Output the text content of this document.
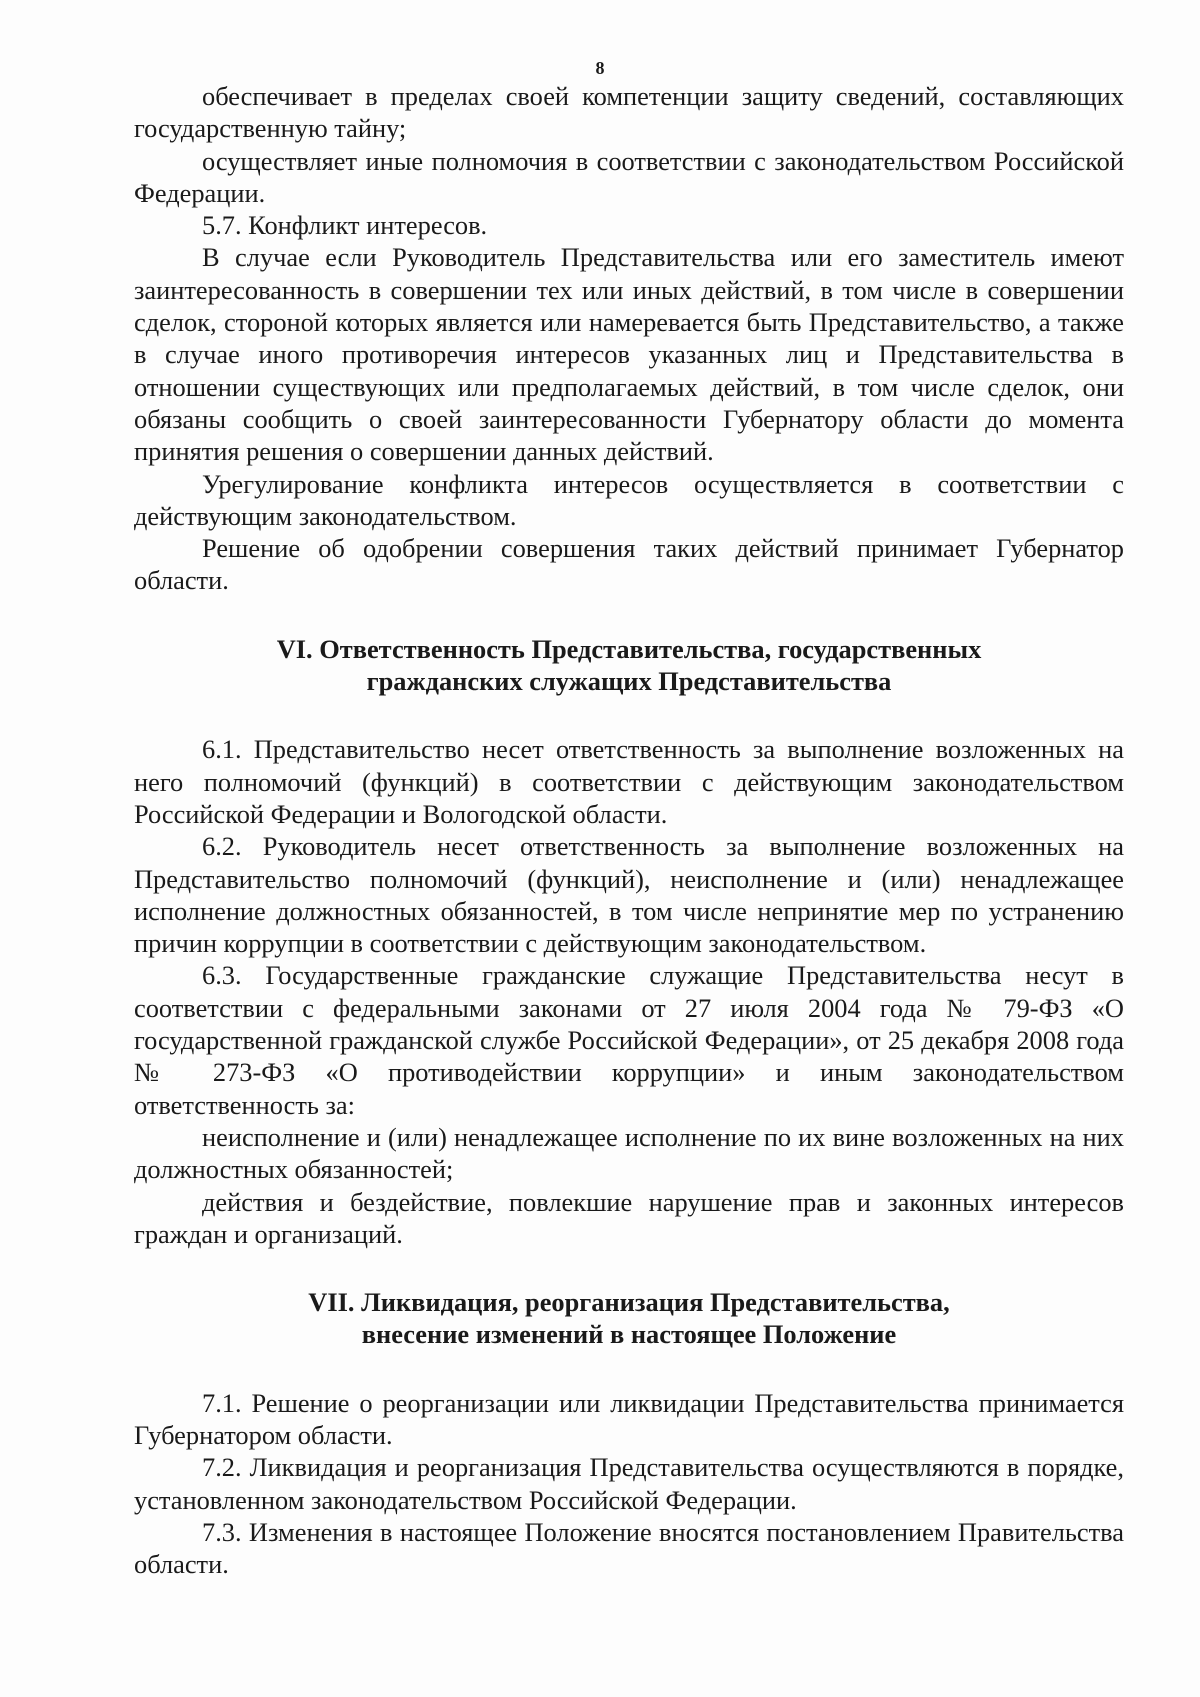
8

обеспечивает в пределах своей компетенции защиту сведений, составляющих государственную тайну;

осуществляет иные полномочия в соответствии с законодательством Российской Федерации.

5.7. Конфликт интересов.

В случае если Руководитель Представительства или его заместитель имеют заинтересованность в совершении тех или иных действий, в том числе в совершении сделок, стороной которых является или намеревается быть Представительство, а также в случае иного противоречия интересов указанных лиц и Представительства в отношении существующих или предполагаемых действий, в том числе сделок, они обязаны сообщить о своей заинтересованности Губернатору области до момента принятия решения о совершении данных действий.

Урегулирование конфликта интересов осуществляется в соответствии с действующим законодательством.

Решение об одобрении совершения таких действий принимает Губернатор области.

VI. Ответственность Представительства, государственных
гражданских служащих Представительства

6.1. Представительство несет ответственность за выполнение возложенных на него полномочий (функций) в соответствии с действующим законодательством Российской Федерации и Вологодской области.

6.2. Руководитель несет ответственность за выполнение возложенных на Представительство полномочий (функций), неисполнение и (или) ненадлежащее исполнение должностных обязанностей, в том числе непринятие мер по устранению причин коррупции в соответствии с действующим законодательством.

6.3. Государственные гражданские служащие Представительства несут в соответствии с федеральными законами от 27 июля 2004 года № 79-ФЗ «О государственной гражданской службе Российской Федерации», от 25 декабря 2008 года № 273-ФЗ «О противодействии коррупции» и иным законодательством ответственность за:

неисполнение и (или) ненадлежащее исполнение по их вине возложенных на них должностных обязанностей;

действия и бездействие, повлекшие нарушение прав и законных интересов граждан и организаций.

VII. Ликвидация, реорганизация Представительства,
внесение изменений в настоящее Положение

7.1. Решение о реорганизации или ликвидации Представительства принимается Губернатором области.

7.2. Ликвидация и реорганизация Представительства осуществляются в порядке, установленном законодательством Российской Федерации.

7.3. Изменения в настоящее Положение вносятся постановлением Правительства области.
